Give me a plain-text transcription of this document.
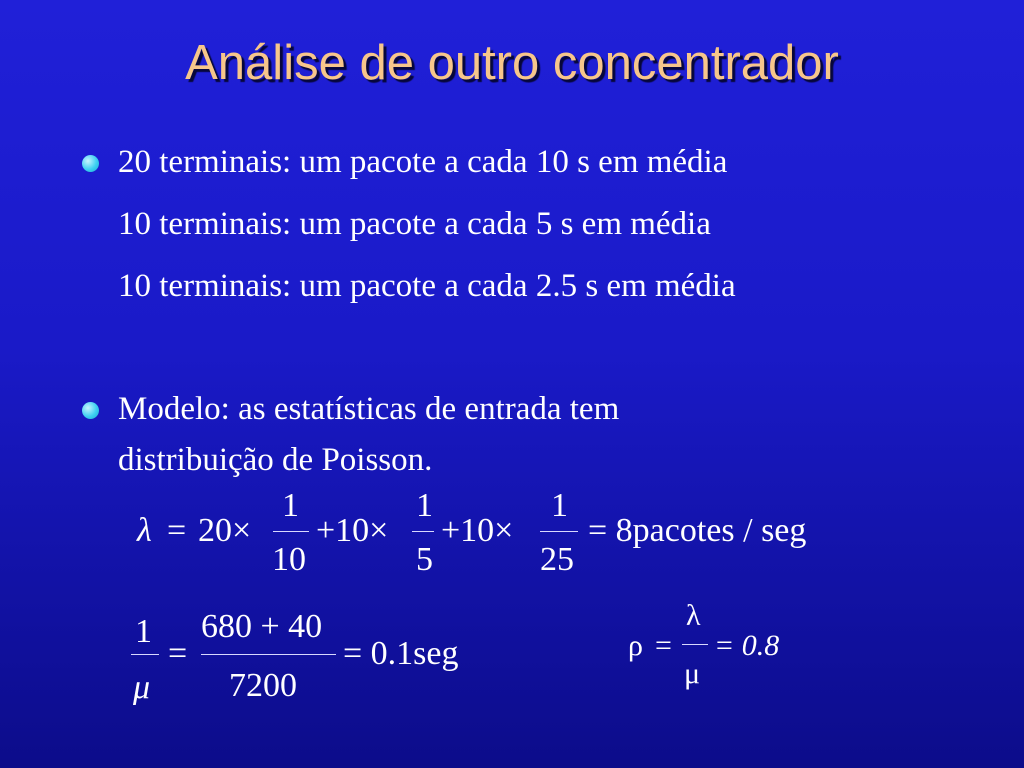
Análise de outro concentrador
20 terminais: um pacote a cada 10 s em média
10 terminais: um pacote a cada 5 s em média
10 terminais: um pacote a cada 2.5 s em média
Modelo: as estatísticas de entrada tem
distribuição de Poisson.
λ = 20×
1
10
+10×
1
5
+10×
1
25
= 8pacotes / seg
1
μ
=
680 + 40
7200
= 0.1seg	ρ =
λ
μ
= 0.8
